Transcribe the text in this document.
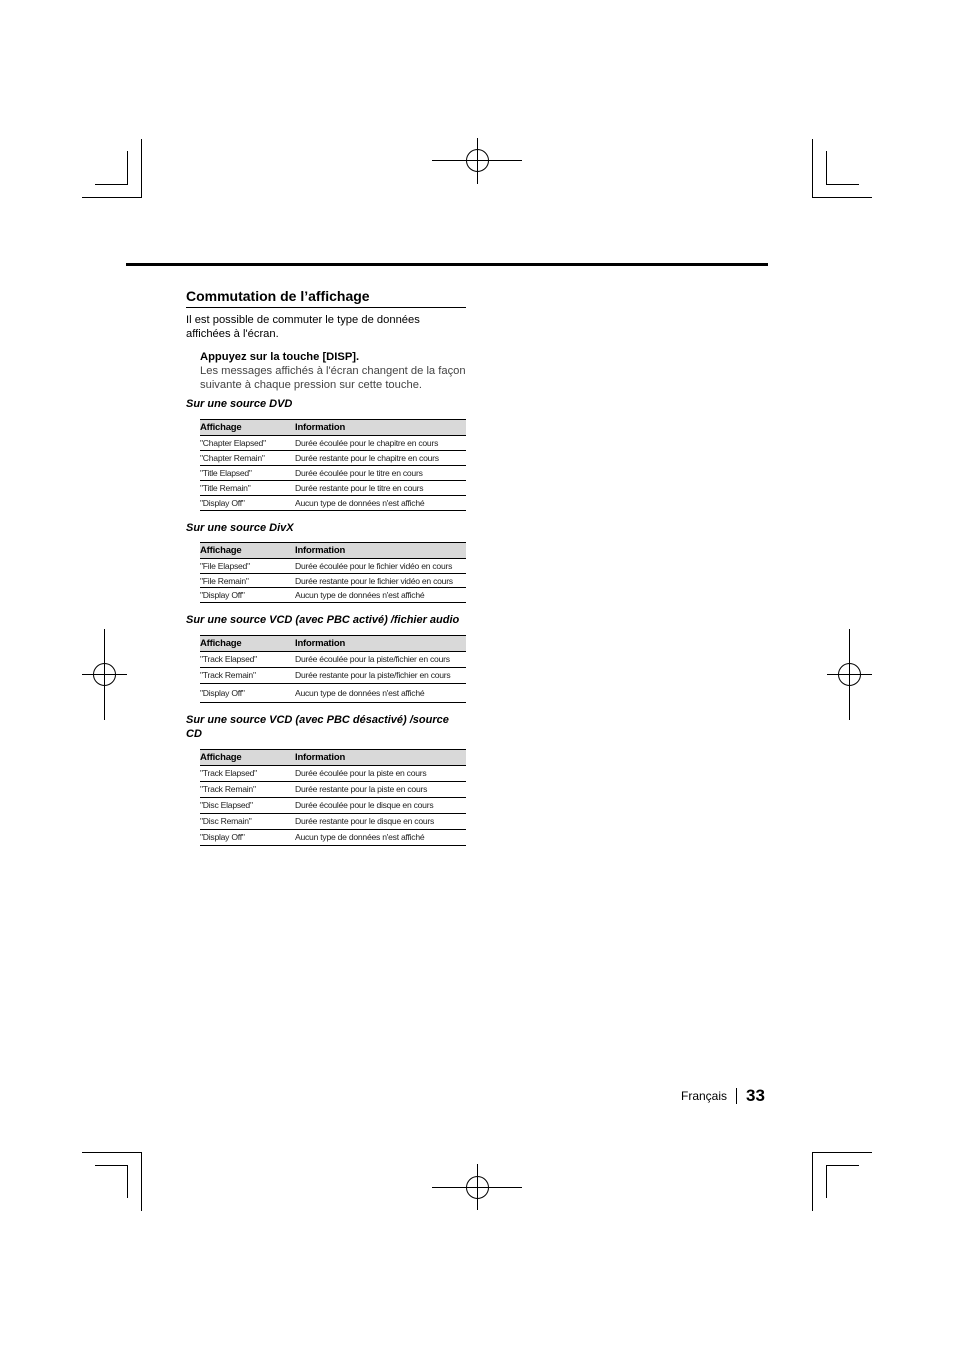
Commutation de l’affichage

Il est possible de commuter le type de données affichées à l'écran.

Appuyez sur la touche [DISP].
Les messages affichés à l'écran changent de la façon suivante à chaque pression sur cette touche.
Sur une source DVD
Affichage	Information
"Chapter Elapsed"	Durée écoulée pour le chapitre en cours
"Chapter Remain"	Durée restante pour le chapitre en cours
"Title Elapsed"	Durée écoulée pour le titre en cours
"Title Remain"	Durée restante pour le titre en cours
"Display Off"	Aucun type de données n'est affiché
Sur une source DivX
Affichage	Information
"File Elapsed"	Durée écoulée pour le fichier vidéo en cours
"File Remain"	Durée restante pour le fichier vidéo en cours
"Display Off"	Aucun type de données n'est affiché
Sur une source VCD (avec PBC activé) /fichier audio
Affichage	Information
"Track Elapsed"	Durée écoulée pour la piste/fichier en cours
"Track Remain"	Durée restante pour la piste/fichier en cours
"Display Off"	Aucun type de données n'est affiché
Sur une source VCD (avec PBC désactivé) /source CD
Affichage	Information
"Track Elapsed"	Durée écoulée pour la piste en cours
"Track Remain"	Durée restante pour la piste en cours
"Disc Elapsed"	Durée écoulée pour le disque en cours
"Disc Remain"	Durée restante pour le disque en cours
"Display Off"	Aucun type de données n'est affiché
Français 33
